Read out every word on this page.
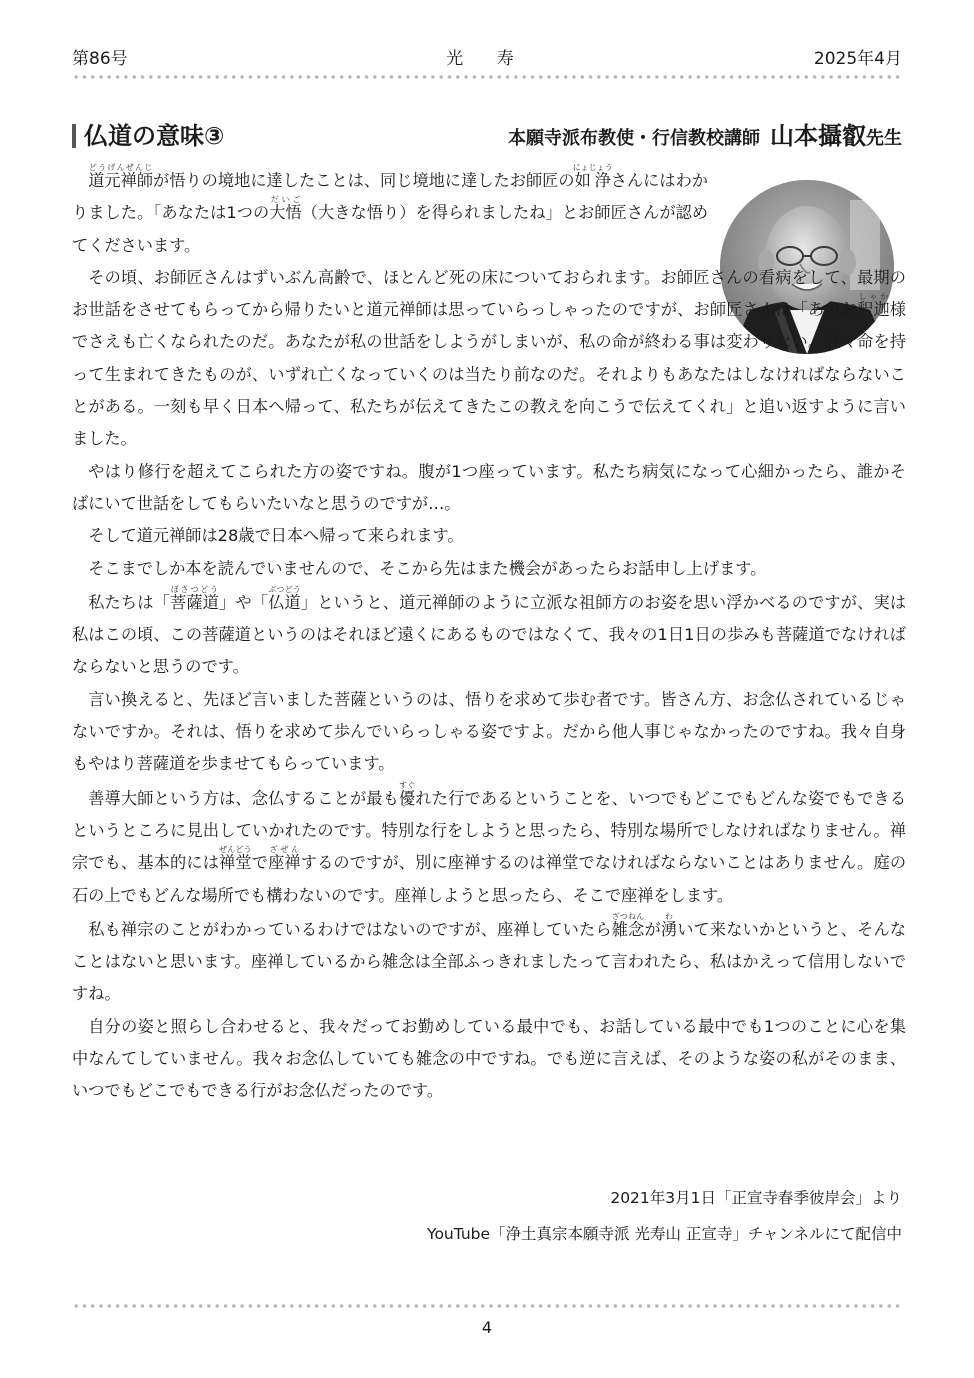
第86号	光 寿	2025年4月
仏道の意味③	本願寺派布教使・行信教校講師 山本攝叡先生

道元禅師どうげんぜんじが悟りの境地に達したことは、同じ境地に達したお師匠の如浄にょじょうさんにはわかりました。「あなたは1つの大悟だいご（大きな悟り）を得られましたね」とお師匠さんが認めてくださいます。

その頃、お師匠さんはずいぶん高齢で、ほとんど死の床についておられます。お師匠さんの看病をして、最期のお世話をさせてもらってから帰りたいと道元禅師は思っていらっしゃったのですが、お師匠さんは「あのお釈迦しゃか様でさえも亡くなられたのだ。あなたが私の世話をしようがしまいが、私の命が終わる事は変わりない。我々命を持って生まれてきたものが、いずれ亡くなっていくのは当たり前なのだ。それよりもあなたはしなければならないことがある。一刻も早く日本へ帰って、私たちが伝えてきたこの教えを向こうで伝えてくれ」と追い返すように言いました。

やはり修行を超えてこられた方の姿ですね。腹が1つ座っています。私たち病気になって心細かったら、誰かそばにいて世話をしてもらいたいなと思うのですが…。

そして道元禅師は28歳で日本へ帰って来られます。

そこまでしか本を読んでいませんので、そこから先はまた機会があったらお話申し上げます。

私たちは「菩薩道ぼさつどう」や「仏道ぶつどう」というと、道元禅師のように立派な祖師方のお姿を思い浮かべるのですが、実は私はこの頃、この菩薩道というのはそれほど遠くにあるものではなくて、我々の1日1日の歩みも菩薩道でなければならないと思うのです。

言い換えると、先ほど言いました菩薩というのは、悟りを求めて歩む者です。皆さん方、お念仏されているじゃないですか。それは、悟りを求めて歩んでいらっしゃる姿ですよ。だから他人事じゃなかったのですね。我々自身もやはり菩薩道を歩ませてもらっています。

善導大師という方は、念仏することが最も優すぐれた行であるということを、いつでもどこでもどんな姿でもできるというところに見出していかれたのです。特別な行をしようと思ったら、特別な場所でしなければなりません。禅宗でも、基本的には禅堂ぜんどうで座禅ざぜんするのですが、別に座禅するのは禅堂でなければならないことはありません。庭の石の上でもどんな場所でも構わないのです。座禅しようと思ったら、そこで座禅をします。

私も禅宗のことがわかっているわけではないのですが、座禅していたら雑念ざつねんが湧わいて来ないかというと、そんなことはないと思います。座禅しているから雑念は全部ふっきれましたって言われたら、私はかえって信用しないですね。

自分の姿と照らし合わせると、我々だってお勤めしている最中でも、お話している最中でも1つのことに心を集中なんてしていません。我々お念仏していても雑念の中ですね。でも逆に言えば、そのような姿の私がそのまま、いつでもどこでもできる行がお念仏だったのです。

2021年3月1日「正宣寺春季彼岸会」より
YouTube「浄土真宗本願寺派 光寿山 正宣寺」チャンネルにて配信中
4
